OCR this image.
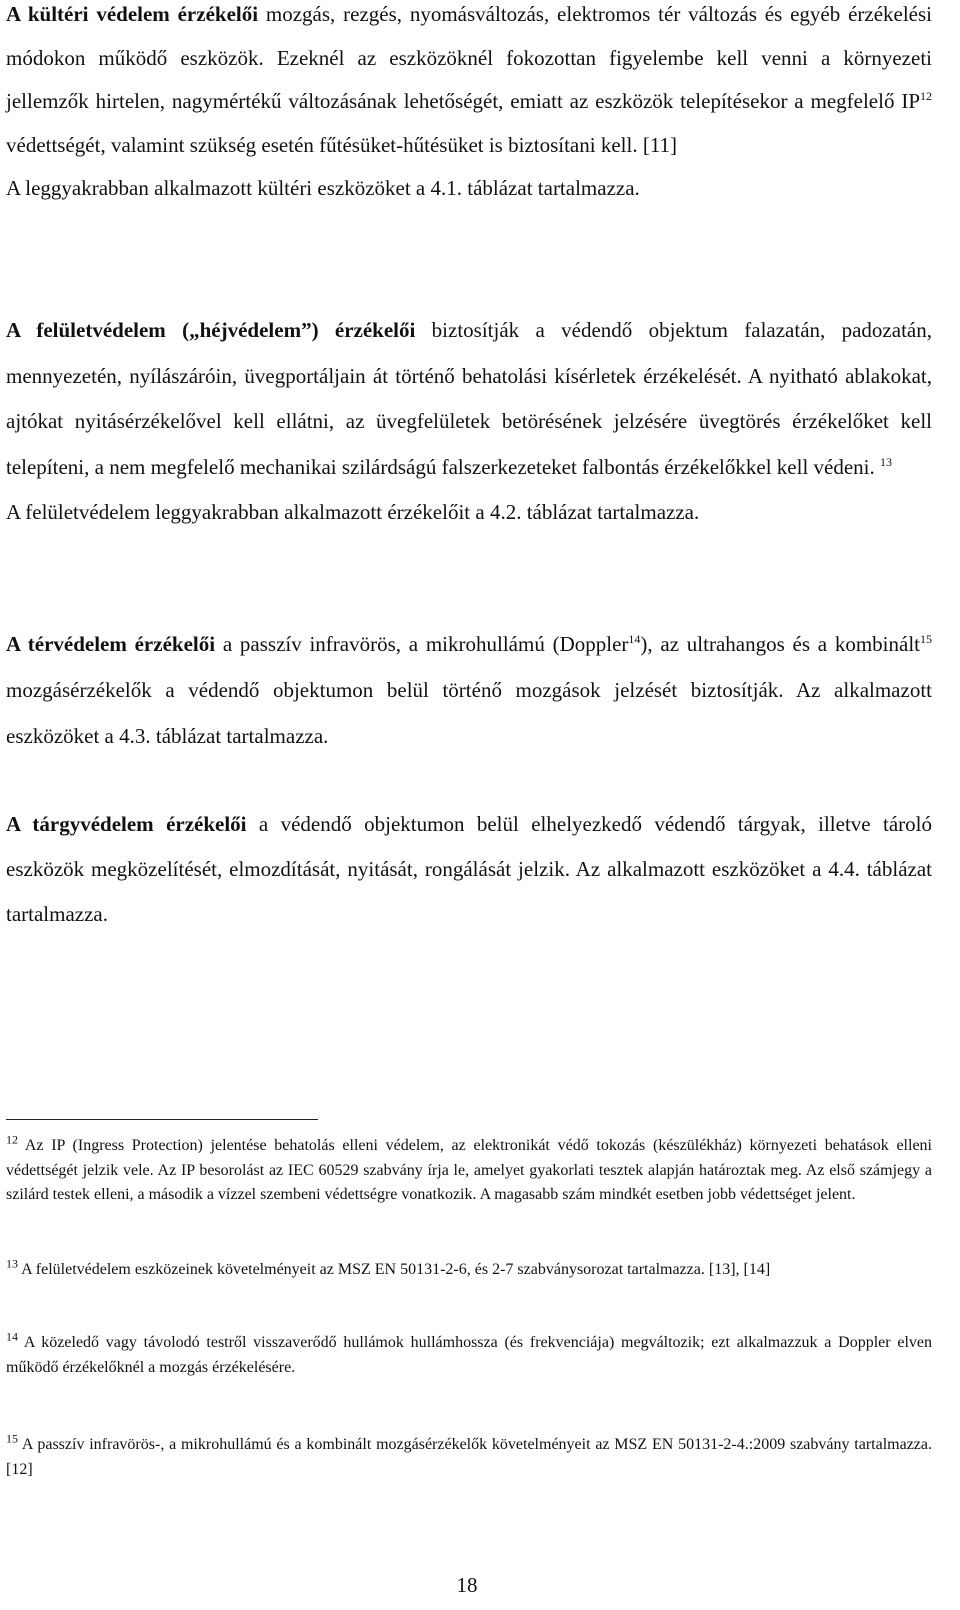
A kültéri védelem érzékelői mozgás, rezgés, nyomásváltozás, elektromos tér változás és egyéb érzékelési módokon működő eszközök. Ezeknél az eszközöknél fokozottan figyelembe kell venni a környezeti jellemzők hirtelen, nagymértékű változásának lehetőségét, emiatt az eszközök telepítésekor a megfelelő IP$^{12}$ védettségét, valamint szükség esetén fűtésüket-hűtésüket is biztosítani kell. [11]
A leggyakrabban alkalmazott kültéri eszközöket a 4.1. táblázat tartalmazza.

A felületvédelem („héjvédelem”) érzékelői biztosítják a védendő objektum falazatán, padozatán, mennyezetén, nyílászáróin, üvegportáljain át történő behatolási kísérletek érzékelését. A nyitható ablakokat, ajtókat nyitásérzékelővel kell ellátni, az üvegfelületek betörésének jelzésére üvegtörés érzékelőket kell telepíteni, a nem megfelelő mechanikai szilárdságú falszerkezeteket falbontás érzékelőkkel kell védeni. $^{13}$
A felületvédelem leggyakrabban alkalmazott érzékelőit a 4.2. táblázat tartalmazza.

A térvédelem érzékelői a passzív infravörös, a mikrohullámú (Doppler$^{14}$), az ultrahangos és a kombinált$^{15}$ mozgásérzékelők a védendő objektumon belül történő mozgások jelzését biztosítják. Az alkalmazott eszközöket a 4.3. táblázat tartalmazza.

A tárgyvédelem érzékelői a védendő objektumon belül elhelyezkedő védendő tárgyak, illetve tároló eszközök megközelítését, elmozdítását, nyitását, rongálását jelzik. Az alkalmazott eszközöket a 4.4. táblázat tartalmazza.

$^{12}$ Az IP (Ingress Protection) jelentése behatolás elleni védelem, az elektronikát védő tokozás (készülékház) környezeti behatások elleni védettségét jelzik vele. Az IP besorolást az IEC 60529 szabvány írja le, amelyet gyakorlati tesztek alapján határoztak meg. Az első számjegy a szilárd testek elleni, a második a vízzel szembeni védettségre vonatkozik. A magasabb szám mindkét esetben jobb védettséget jelent.

$^{13}$ A felületvédelem eszközeinek követelményeit az MSZ EN 50131-2-6, és 2-7 szabványsorozat tartalmazza. [13], [14]

$^{14}$ A közeledő vagy távolodó testről visszaverődő hullámok hullámhossza (és frekvenciája) megváltozik; ezt alkalmazzuk a Doppler elven működő érzékelőknél a mozgás érzékelésére.

$^{15}$ A passzív infravörös-, a mikrohullámú és a kombinált mozgásérzékelők követelményeit az MSZ EN 50131-2-4.:2009 szabvány tartalmazza. [12]

18
